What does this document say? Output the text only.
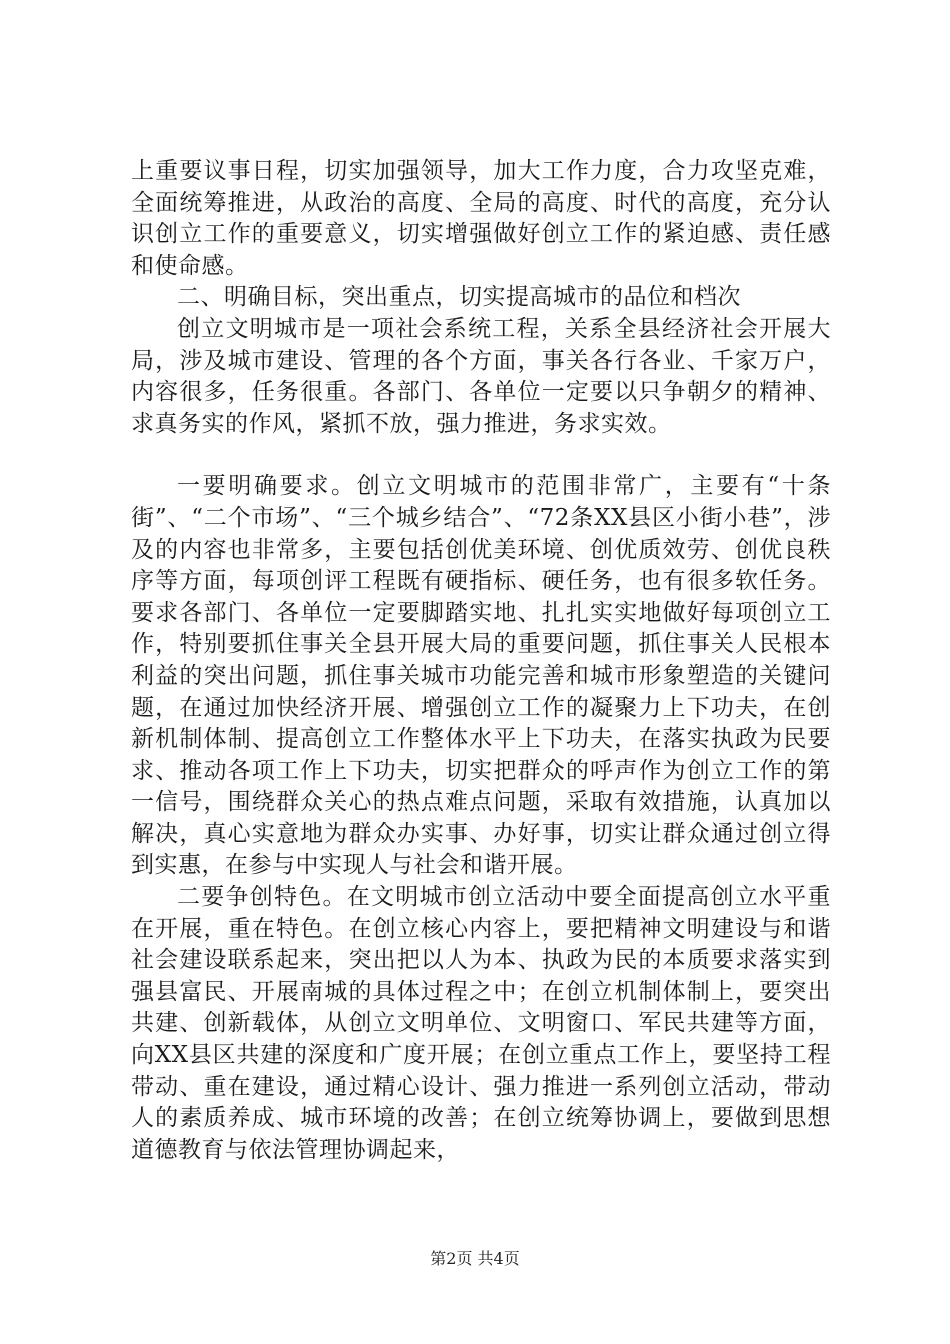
上重要议事日程，切实加强领导，加大工作力度，合力攻坚克难，全面统筹推进，从政治的高度、全局的高度、时代的高度，充分认识创立工作的重要意义，切实增强做好创立工作的紧迫感、责任感和使命感。

二、明确目标，突出重点，切实提高城市的品位和档次

创立文明城市是一项社会系统工程，关系全县经济社会开展大局，涉及城市建设、管理的各个方面，事关各行各业、千家万户，内容很多，任务很重。各部门、各单位一定要以只争朝夕的精神、求真务实的作风，紧抓不放，强力推进，务求实效。

一要明确要求。创立文明城市的范围非常广，主要有“十条街”、“二个市场”、“三个城乡结合”、“72条XX县区小街小巷”，涉及的内容也非常多，主要包括创优美环境、创优质效劳、创优良秩序等方面，每项创评工程既有硬指标、硬任务，也有很多软任务。要求各部门、各单位一定要脚踏实地、扎扎实实地做好每项创立工作，特别要抓住事关全县开展大局的重要问题，抓住事关人民根本利益的突出问题，抓住事关城市功能完善和城市形象塑造的关键问题，在通过加快经济开展、增强创立工作的凝聚力上下功夫，在创新机制体制、提高创立工作整体水平上下功夫，在落实执政为民要求、推动各项工作上下功夫，切实把群众的呼声作为创立工作的第一信号，围绕群众关心的热点难点问题，采取有效措施，认真加以解决，真心实意地为群众办实事、办好事，切实让群众通过创立得到实惠，在参与中实现人与社会和谐开展。

二要争创特色。在文明城市创立活动中要全面提高创立水平重在开展，重在特色。在创立核心内容上，要把精神文明建设与和谐社会建设联系起来，突出把以人为本、执政为民的本质要求落实到强县富民、开展南城的具体过程之中；在创立机制体制上，要突出共建、创新载体，从创立文明单位、文明窗口、军民共建等方面，向XX县区共建的深度和广度开展；在创立重点工作上，要坚持工程带动、重在建设，通过精心设计、强力推进一系列创立活动，带动人的素质养成、城市环境的改善；在创立统筹协调上，要做到思想道德教育与依法管理协调起来，

第2页 共4页
